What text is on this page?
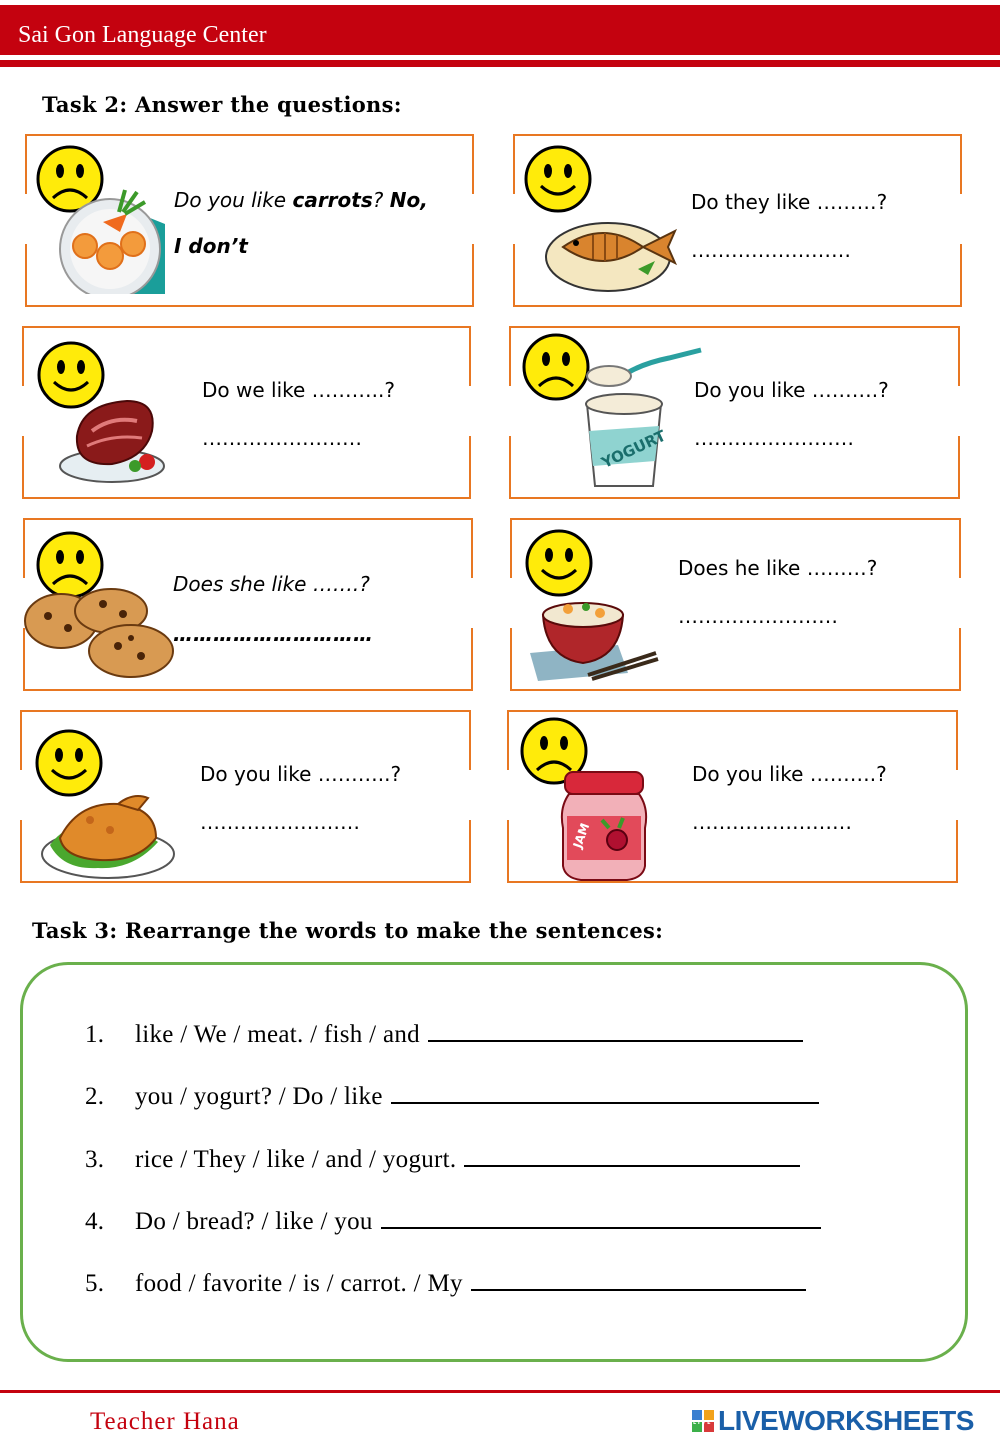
Sai Gon Language Center
Task 2: Answer the questions:
Do you like carrots? No,
I don’t
Do they like ………?
……………………
Do we like ………..?
……………………	YOGURT
Do you like ……….?
……………………
Does she like …….?
…………………………
Does he like ………?
……………………
Do you like ………..?
……………………	JAM
Do you like ……….?
……………………
Task 3: Rearrange the words to make the sentences:
1.	like / We / meat. / fish / and
2.	you / yogurt? / Do / like
3.	rice / They / like / and / yogurt.
4.	Do / bread? / like / you
5.	food / favorite / is / carrot. / My
Teacher Hana	L I V E LIVEWORKSHEETS
